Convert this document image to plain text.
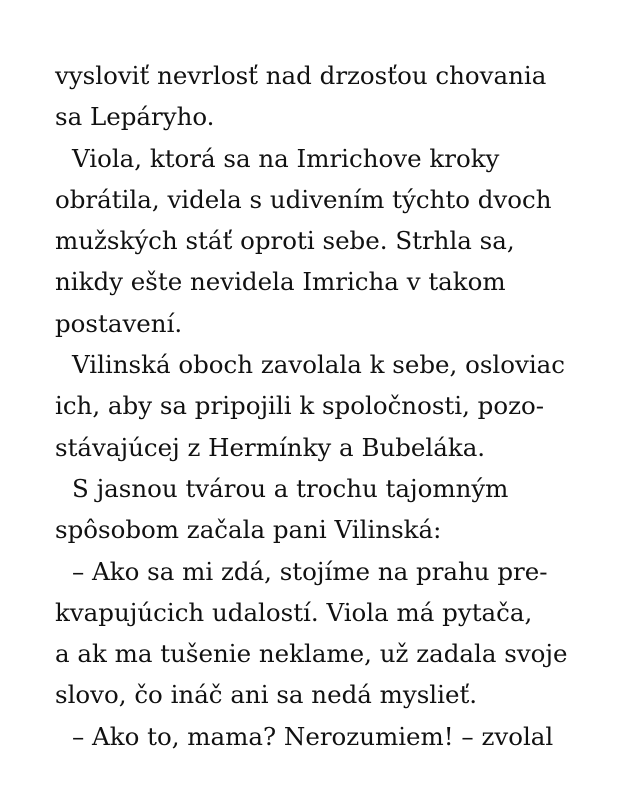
vysloviť nevrlosť nad drzosťou chovania
sa Lepáryho.
Viola, ktorá sa na Imrichove kroky
obrátila, videla s udivením týchto dvoch
mužských stáť oproti sebe. Strhla sa,
nikdy ešte nevidela Imricha v takom
postavení.
Vilinská oboch zavolala k sebe, osloviac
ich, aby sa pripojili k spoločnosti, pozo-
stávajúcej z Hermínky a Bubeláka.
S jasnou tvárou a trochu tajomným
spôsobom začala pani Vilinská:
– Ako sa mi zdá, stojíme na prahu pre-
kvapujúcich udalostí. Viola má pytača,
a ak ma tušenie neklame, už zadala svoje
slovo, čo ináč ani sa nedá myslieť.
– Ako to, mama? Nerozumiem! – zvolal
